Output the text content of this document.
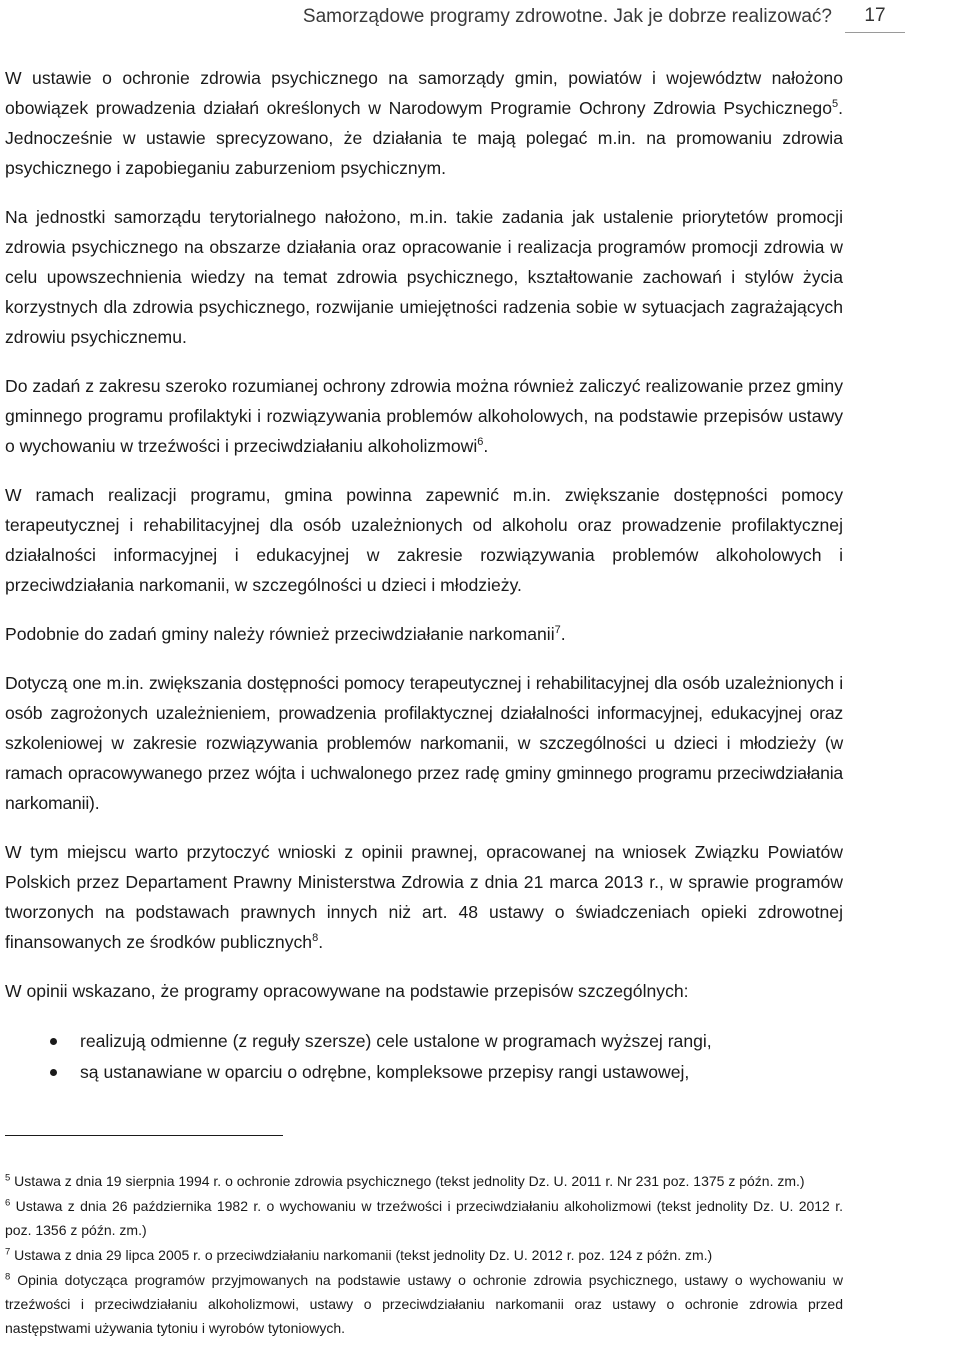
Samorządowe programy zdrowotne. Jak je dobrze realizować?	17

W ustawie o ochronie zdrowia psychicznego na samorządy gmin, powiatów i województw nałożono obowiązek prowadzenia działań określonych w Narodowym Programie Ochrony Zdrowia Psychicznego$^5$. Jednocześnie w ustawie sprecyzowano, że działania te mają polegać m.in. na promowaniu zdrowia psychicznego i zapobieganiu zaburzeniom psychicznym.

Na jednostki samorządu terytorialnego nałożono, m.in. takie zadania jak ustalenie priorytetów promocji zdrowia psychicznego na obszarze działania oraz opracowanie i realizacja programów promocji zdrowia w celu upowszechnienia wiedzy na temat zdrowia psychicznego, kształtowanie zachowań i stylów życia korzystnych dla zdrowia psychicznego, rozwijanie umiejętności radzenia sobie w sytuacjach zagrażających zdrowiu psychicznemu.

Do zadań z zakresu szeroko rozumianej ochrony zdrowia można również zaliczyć realizowanie przez gminy gminnego programu profilaktyki i rozwiązywania problemów alkoholowych, na podstawie przepisów ustawy o wychowaniu w trzeźwości i przeciwdziałaniu alkoholizmowi$^6$.

W ramach realizacji programu, gmina powinna zapewnić m.in. zwiększanie dostępności pomocy terapeutycznej i rehabilitacyjnej dla osób uzależnionych od alkoholu oraz prowadzenie profilaktycznej działalności informacyjnej i edukacyjnej w zakresie rozwiązywania problemów alkoholowych i przeciwdziałania narkomanii, w szczególności u dzieci i młodzieży.

Podobnie do zadań gminy należy również przeciwdziałanie narkomanii$^7$.

Dotyczą one m.in. zwiększania dostępności pomocy terapeutycznej i rehabilitacyjnej dla osób uzależnionych i osób zagrożonych uzależnieniem, prowadzenia profilaktycznej działalności informacyjnej, edukacyjnej oraz szkoleniowej w zakresie rozwiązywania problemów narkomanii, w szczególności u dzieci i młodzieży (w ramach opracowywanego przez wójta i uchwalonego przez radę gminy gminnego programu przeciwdziałania narkomanii).

W tym miejscu warto przytoczyć wnioski z opinii prawnej, opracowanej na wniosek Związku Powiatów Polskich przez Departament Prawny Ministerstwa Zdrowia z dnia 21 marca 2013 r., w sprawie programów tworzonych na podstawach prawnych innych niż art. 48 ustawy o świadczeniach opieki zdrowotnej finansowanych ze środków publicznych$^8$.

W opinii wskazano, że programy opracowywane na podstawie przepisów szczególnych:

realizują odmienne (z reguły szersze) cele ustalone w programach wyższej rangi,
są ustanawiane w oparciu o odrębne, kompleksowe przepisy rangi ustawowej,

$^5$ Ustawa z dnia 19 sierpnia 1994 r. o ochronie zdrowia psychicznego (tekst jednolity Dz. U. 2011 r. Nr 231 poz. 1375 z późn. zm.)

$^6$ Ustawa z dnia 26 października 1982 r. o wychowaniu w trzeźwości i przeciwdziałaniu alkoholizmowi (tekst jednolity Dz. U. 2012 r. poz. 1356 z późn. zm.)

$^7$ Ustawa z dnia 29 lipca 2005 r. o przeciwdziałaniu narkomanii (tekst jednolity Dz. U. 2012 r. poz. 124 z późn. zm.)

$^8$ Opinia dotycząca programów przyjmowanych na podstawie ustawy o ochronie zdrowia psychicznego, ustawy o wychowaniu w trzeźwości i przeciwdziałaniu alkoholizmowi, ustawy o przeciwdziałaniu narkomanii oraz ustawy o ochronie zdrowia przed następstwami używania tytoniu i wyrobów tytoniowych.
